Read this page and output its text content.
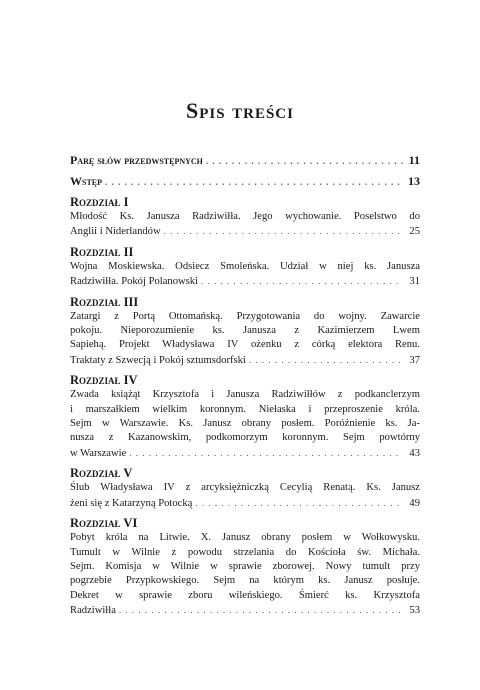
Spis treści
Parę słów przedwstępnych . . .	11
Wstęp . . .	13
Rozdział I
Młodość Ks. Janusza Radziwiłła. Jego wychowanie. Poselstwo do
Anglii i Niderlandów . . .	25
Rozdział II
Wojna Moskiewska. Odsiecz Smoleńska. Udział w niej ks. Janusza
Radziwiłła. Pokój Polanowski . . .	31
Rozdział III
Zatargi z Portą Ottomańską. Przygotowania do wojny. Zawarcie
pokoju. Nieporozumienie ks. Janusza z Kazimierzem Lwem
Sapiehą. Projekt Władysława IV ożenku z córką elektora Renu.
Traktaty z Szwecją i Pokój sztumsdorfski . . .	37
Rozdział IV
Zwada książąt Krzysztofa i Janusza Radziwiłłów z podkanclerzym
i marszałkiem wielkim koronnym. Niełaska i przeproszenie króla.
Sejm w Warszawie. Ks. Janusz obrany posłem. Poróżnienie ks. Ja-
nusza z Kazanowskim, podkomorzym koronnym. Sejm powtórny
w Warszawie . . .	43
Rozdział V
Ślub Władysława IV z arcyksiężniczką Cecylią Renatą. Ks. Janusz
żeni się z Katarzyną Potocką . . .	49
Rozdział VI
Pobyt króla na Litwie. X. Janusz obrany posłem w Wołkowysku.
Tumult w Wilnie z powodu strzelania do Kościoła św. Michała.
Sejm. Komisja w Wilnie w sprawie zborowej. Nowy tumult przy
pogrzebie Przypkowskiego. Sejm na którym ks. Janusz posłuje.
Dekret w sprawie zboru wileńskiego. Śmierć ks. Krzysztofa
Radziwiłła . . .	53
